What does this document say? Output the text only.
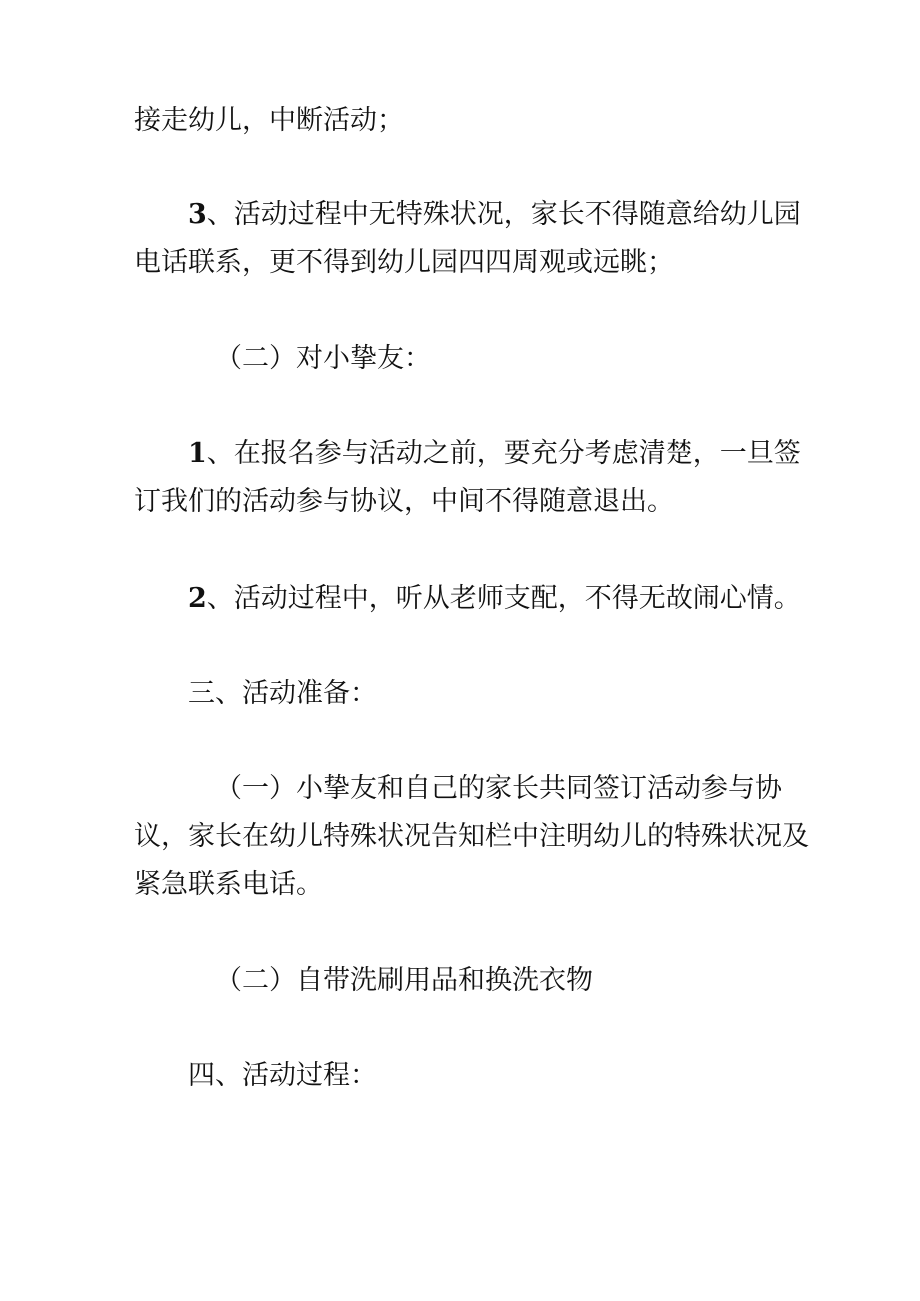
接走幼儿，中断活动；

3、活动过程中无特殊状况，家长不得随意给幼儿园电话联系，更不得到幼儿园四四周观或远眺；

（二）对小挚友：

1、在报名参与活动之前，要充分考虑清楚，一旦签订我们的活动参与协议，中间不得随意退出。

2、活动过程中，听从老师支配，不得无故闹心情。

三、活动准备：

（一）小挚友和自己的家长共同签订活动参与协议，家长在幼儿特殊状况告知栏中注明幼儿的特殊状况及紧急联系电话。

（二）自带洗刷用品和换洗衣物

四、活动过程：
